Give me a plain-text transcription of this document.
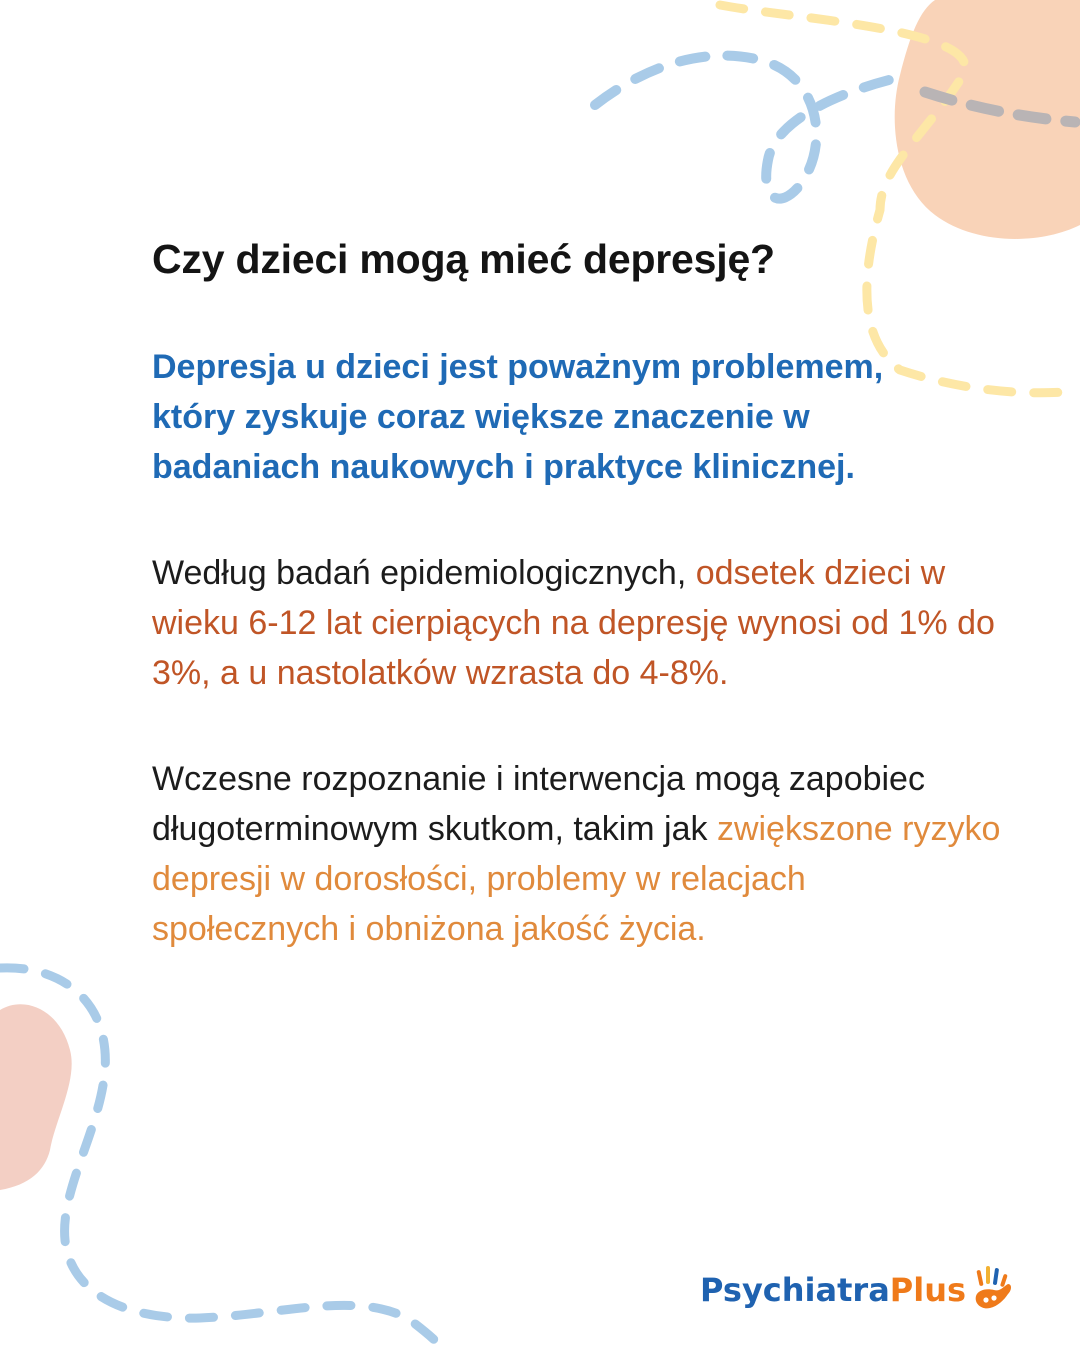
Czy dzieci mogą mieć depresję?

Depresja u dzieci jest poważnym problemem, który zyskuje coraz większe znaczenie w badaniach naukowych i praktyce klinicznej.

Według badań epidemiologicznych, odsetek dzieci w wieku 6-12 lat cierpiących na depresję wynosi od 1% do 3%, a u nastolatków wzrasta do 4-8%.

Wczesne rozpoznanie i interwencja mogą zapobiec długoterminowym skutkom, takim jak zwiększone ryzyko depresji w dorosłości, problemy w relacjach społecznych i obniżona jakość życia.

Psychiatra Plus
